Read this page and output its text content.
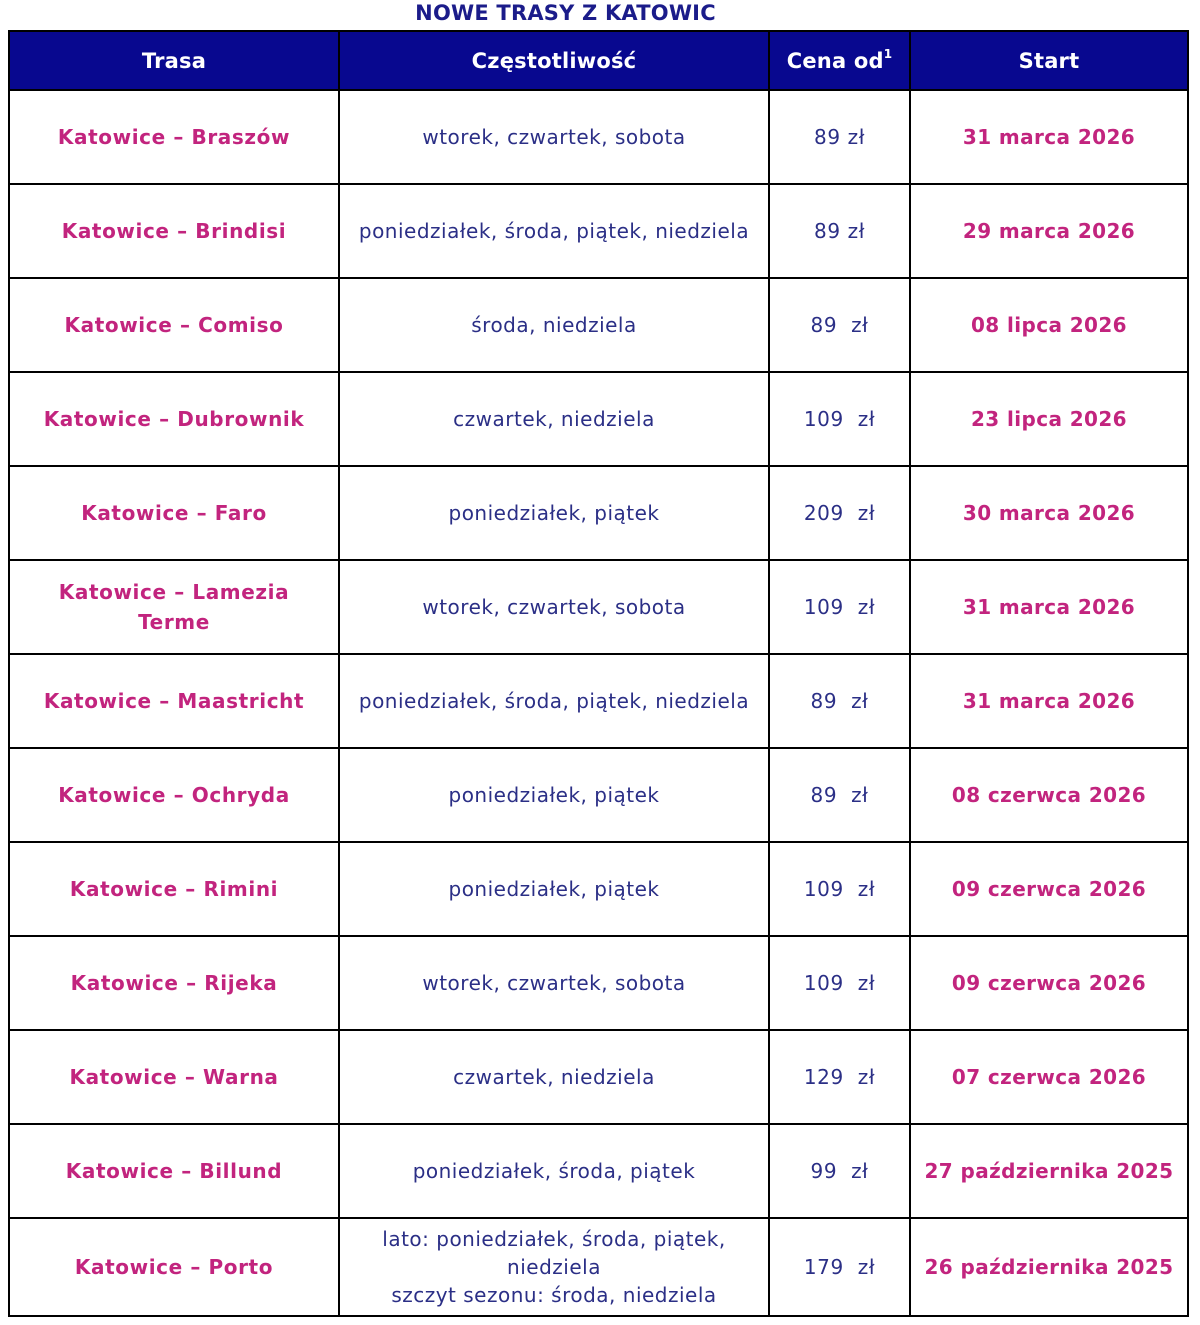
NOWE TRASY Z KATOWIC
Trasa	Częstotliwość	Cena $od^1$	Start
Katowice – Braszów	wtorek, czwartek, sobota	89 zł	31 marca 2026
Katowice – Brindisi	poniedziałek, środa, piątek, niedziela	89 zł	29 marca 2026
Katowice – Comiso	środa, niedziela	89  zł	08 lipca 2026
Katowice – Dubrownik	czwartek, niedziela	109  zł	23 lipca 2026
Katowice – Faro	poniedziałek, piątek	209  zł	30 marca 2026
Katowice – Lamezia Terme	wtorek, czwartek, sobota	109  zł	31 marca 2026
Katowice – Maastricht	poniedziałek, środa, piątek, niedziela	89  zł	31 marca 2026
Katowice – Ochryda	poniedziałek, piątek	89  zł	08 czerwca 2026
Katowice – Rimini	poniedziałek, piątek	109  zł	09 czerwca 2026
Katowice – Rijeka	wtorek, czwartek, sobota	109  zł	09 czerwca 2026
Katowice – Warna	czwartek, niedziela	129  zł	07 czerwca 2026
Katowice – Billund	poniedziałek, środa, piątek	99  zł	27 października 2025
Katowice – Porto	lato: poniedziałek, środa, piątek, niedziela
szczyt sezonu: środa, niedziela	179  zł	26 października 2025
